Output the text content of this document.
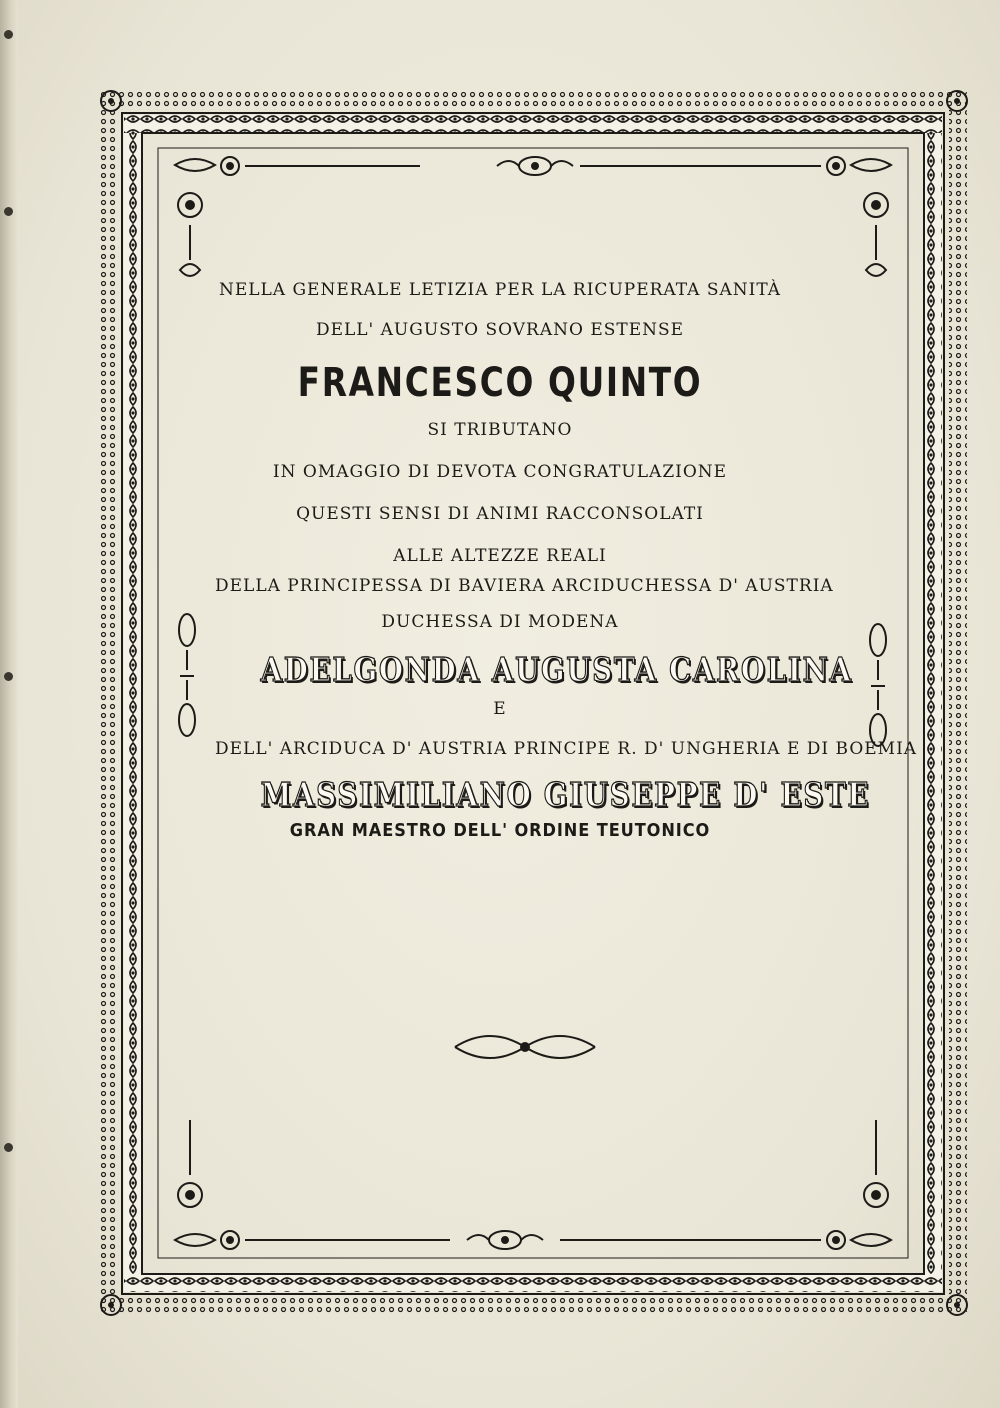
NELLA GENERALE LETIZIA PER LA RICUPERATA SANITÀ
DELL' AUGUSTO SOVRANO ESTENSE
FRANCESCO QUINTO
SI TRIBUTANO
IN OMAGGIO DI DEVOTA CONGRATULAZIONE
QUESTI SENSI DI ANIMI RACCONSOLATI
ALLE ALTEZZE REALI
DELLA PRINCIPESSA DI BAVIERA ARCIDUCHESSA D' AUSTRIA
DUCHESSA DI MODENA
ADELGONDA AUGUSTA CAROLINA
E
DELL' ARCIDUCA D' AUSTRIA PRINCIPE R. D' UNGHERIA E DI BOEMIA
MASSIMILIANO GIUSEPPE D' ESTE
GRAN MAESTRO DELL' ORDINE TEUTONICO
